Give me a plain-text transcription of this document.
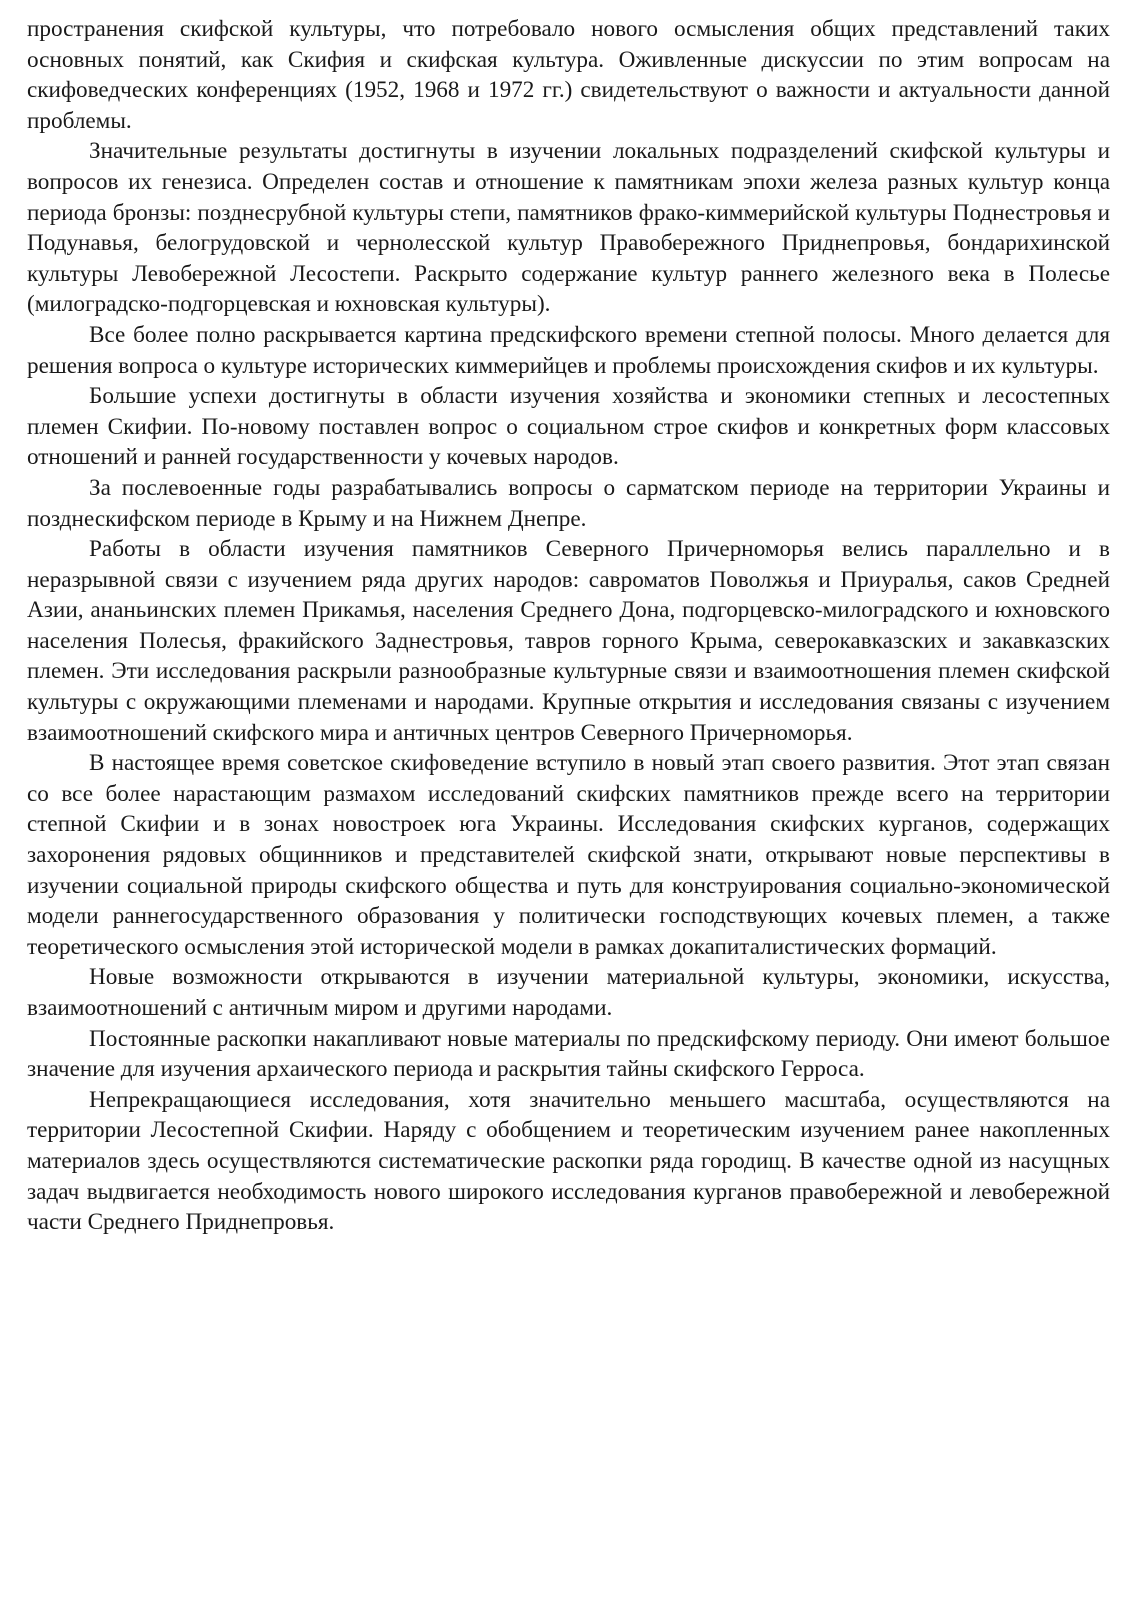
пространения скифской культуры, что потребовало нового осмысления общих представлений таких основных понятий, как Скифия и скифская культура. Оживленные дискуссии по этим вопросам на скифоведческих конференциях (1952, 1968 и 1972 гг.) свидетельствуют о важности и актуальности данной проблемы.

Значительные результаты достигнуты в изучении локальных подразделений скифской культуры и вопросов их генезиса. Определен состав и отношение к памятникам эпохи железа разных культур конца периода бронзы: позднесрубной культуры степи, памятников фрако-киммерийской культуры Поднестровья и Подунавья, белогрудовской и чернолесской культур Правобережного Приднепровья, бондарихинской культуры Левобережной Лесостепи. Раскрыто содержание культур раннего железного века в Полесье (милоградско-подгорцевская и юхновская культуры).

Все более полно раскрывается картина предскифского времени степной полосы. Много делается для решения вопроса о культуре исторических киммерийцев и проблемы происхождения скифов и их культуры.

Большие успехи достигнуты в области изучения хозяйства и экономики степных и лесостепных племен Скифии. По-новому поставлен вопрос о социальном строе скифов и конкретных форм классовых отношений и ранней государственности у кочевых народов.

За послевоенные годы разрабатывались вопросы о сарматском периоде на территории Украины и позднескифском периоде в Крыму и на Нижнем Днепре.

Работы в области изучения памятников Северного Причерноморья велись параллельно и в неразрывной связи с изучением ряда других народов: савроматов Поволжья и Приуралья, саков Средней Азии, ананьинских племен Прикамья, населения Среднего Дона, подгорцевско-милоградского и юхновского населения Полесья, фракийского Заднестровья, тавров горного Крыма, северокавказских и закавказских племен. Эти исследования раскрыли разнообразные культурные связи и взаимоотношения племен скифской культуры с окружающими племенами и народами. Крупные открытия и исследования связаны с изучением взаимоотношений скифского мира и античных центров Северного Причерноморья.

В настоящее время советское скифоведение вступило в новый этап своего развития. Этот этап связан со все более нарастающим размахом исследований скифских памятников прежде всего на территории степной Скифии и в зонах новостроек юга Украины. Исследования скифских курганов, содержащих захоронения рядовых общинников и представителей скифской знати, открывают новые перспективы в изучении социальной природы скифского общества и путь для конструирования социально-экономической модели раннегосударственного образования у политически господствующих кочевых племен, а также теоретического осмысления этой исторической модели в рамках докапиталистических формаций.

Новые возможности открываются в изучении материальной культуры, экономики, искусства, взаимоотношений с античным миром и другими народами.

Постоянные раскопки накапливают новые материалы по предскифскому периоду. Они имеют большое значение для изучения архаического периода и раскрытия тайны скифского Герроса.

Непрекращающиеся исследования, хотя значительно меньшего масштаба, осуществляются на территории Лесостепной Скифии. Наряду с обобщением и теоретическим изучением ранее накопленных материалов здесь осуществляются систематические раскопки ряда городищ. В качестве одной из насущных задач выдвигается необходимость нового широкого исследования курганов правобережной и левобережной части Среднего Приднепровья.
